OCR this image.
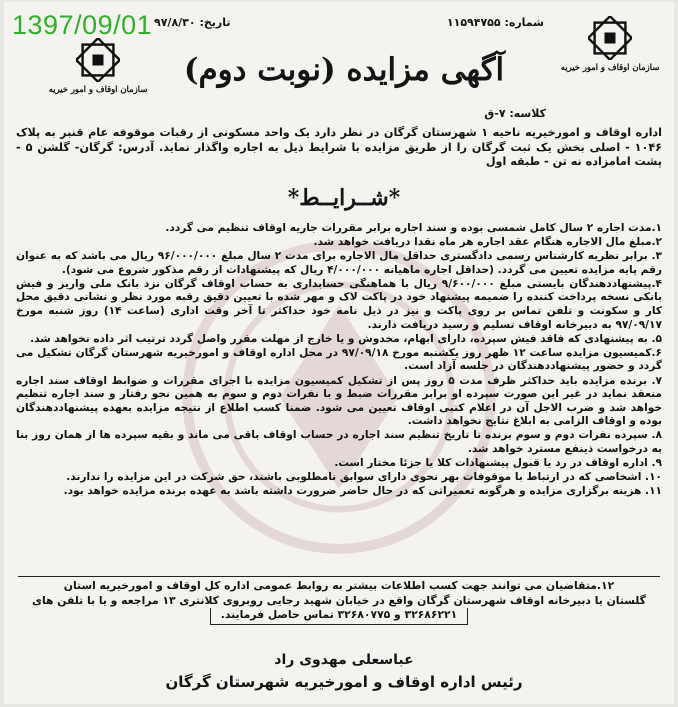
1397/09/01
سازمان اوقاف و امور خیریه
سازمان اوقاف و امور خیریه
شماره: ۱۱۵۹۴۷۵۵
تاریخ: ۹۷/۸/۳۰
آگهی مزایده (نوبت دوم)
کلاسه: ۷-ق
اداره اوقاف و امورخیریه ناحیه ۱ شهرستان گرگان در نظر دارد یک واحد مسکونی از رقبات موقوفه عام قنبر به پلاک ۱۰۴۶ - اصلی بخش یک ثبت گرگان را از طریق مزایده با شرایط ذیل به اجاره واگذار نماید. آدرس: گرگان- گلشن ۵ - پشت امامزاده نه تن - طبقه اول
*شــرایــط*

۱.مدت اجاره ۲ سال کامل شمسی بوده و سند اجاره برابر مقررات جاریه اوقاف تنظیم می گردد.

۲.مبلغ مال الاجاره هنگام عقد اجاره هر ماه نقدا دریافت خواهد شد.

۳. برابر نظریه کارشناس رسمی دادگستری حداقل مال الاجاره برای مدت ۲ سال مبلغ ۹۶/۰۰۰/۰۰۰ ریال می باشد که به عنوان رقم پایه مزایده تعیین می گردد. (حداقل اجاره ماهیانه ۴/۰۰۰/۰۰۰ ریال که پیشنهادات از رقم مذکور شروع می شود).

۴.پیشنهاددهندگان بایستی مبلغ ۹/۶۰۰/۰۰۰ ریال با هماهنگی حسابداری به حساب اوقاف گرگان نزد بانک ملی واریز و فیش بانکی نسخه پرداخت کننده را ضمیمه پیشنهاد خود در پاکت لاک و مهر شده با تعیین دقیق رقبه مورد نظر و نشانی دقیق محل کار و سکونت و تلفن تماس بر روی پاکت و نیز در ذیل نامه خود حداکثر تا آخر وقت اداری (ساعت ۱۴) روز شنبه مورخ ۹۷/۰۹/۱۷ به دبیرخانه اوقاف تسلیم و رسید دریافت دارند.

۵. به پیشنهادی که فاقد فیش سپرده، دارای ابهام، مخدوش و یا خارج از مهلت مقرر واصل گردد ترتیب اثر داده نخواهد شد.

۶.کمیسیون مزایده ساعت ۱۲ ظهر روز یکشنبه مورخ ۹۷/۰۹/۱۸ در محل اداره اوقاف و امورخیریه شهرستان گرگان تشکیل می گردد و حضور پیشنهاددهندگان در جلسه آزاد است.

۷. برنده مزایده باید حداکثر ظرف مدت ۵ روز پس از تشکیل کمیسیون مزایده با اجرای مقررات و ضوابط اوقاف سند اجاره منعقد نماید در غیر این صورت سپرده او برابر مقررات ضبط و با نفرات دوم و سوم به همین نحو رفتار و سند اجاره تنظیم خواهد شد و ضرب الاجل آن در اعلام کتبی اوقاف تعیین می شود. ضمنا کسب اطلاع از نتیجه مزایده بعهده پیشنهاددهندگان بوده و اوقاف الزامی به ابلاغ نتایج نخواهد داشت.

۸. سپرده نفرات دوم و سوم برنده تا تاریخ تنظیم سند اجاره در حساب اوقاف باقی می ماند و بقیه سپرده ها از همان روز بنا به درخواست ذینفع مسترد خواهد شد.

۹. اداره اوقاف در رد یا قبول پیشنهادات کلا یا جزئا مختار است.

۱۰. اشخاصی که در ارتباط با موقوفات بهر نحوی دارای سوابق نامطلوبی باشند، حق شرکت در این مزایده را ندارند.

۱۱. هزینه برگزاری مزایده و هرگونه تعمیراتی که در حال حاضر ضرورت داشته باشد به عهده برنده مزایده خواهد بود.

۱۲.متقاضیان می توانند جهت کسب اطلاعات بیشتر به روابط عمومی اداره کل اوقاف و امورخیریه استان
گلستان یا دبیرخانه اوقاف شهرستان گرگان واقع در خیابان شهید رجایی روبروی کلانتری ۱۳ مراجعه و یا با تلفن های
۳۲۶۸۶۲۲۱ و ۳۲۶۸۰۷۷۵ تماس حاصل فرمایند.
عباسعلی مهدوی راد
رئیس اداره اوقاف و امورخیریه شهرستان گرگان
